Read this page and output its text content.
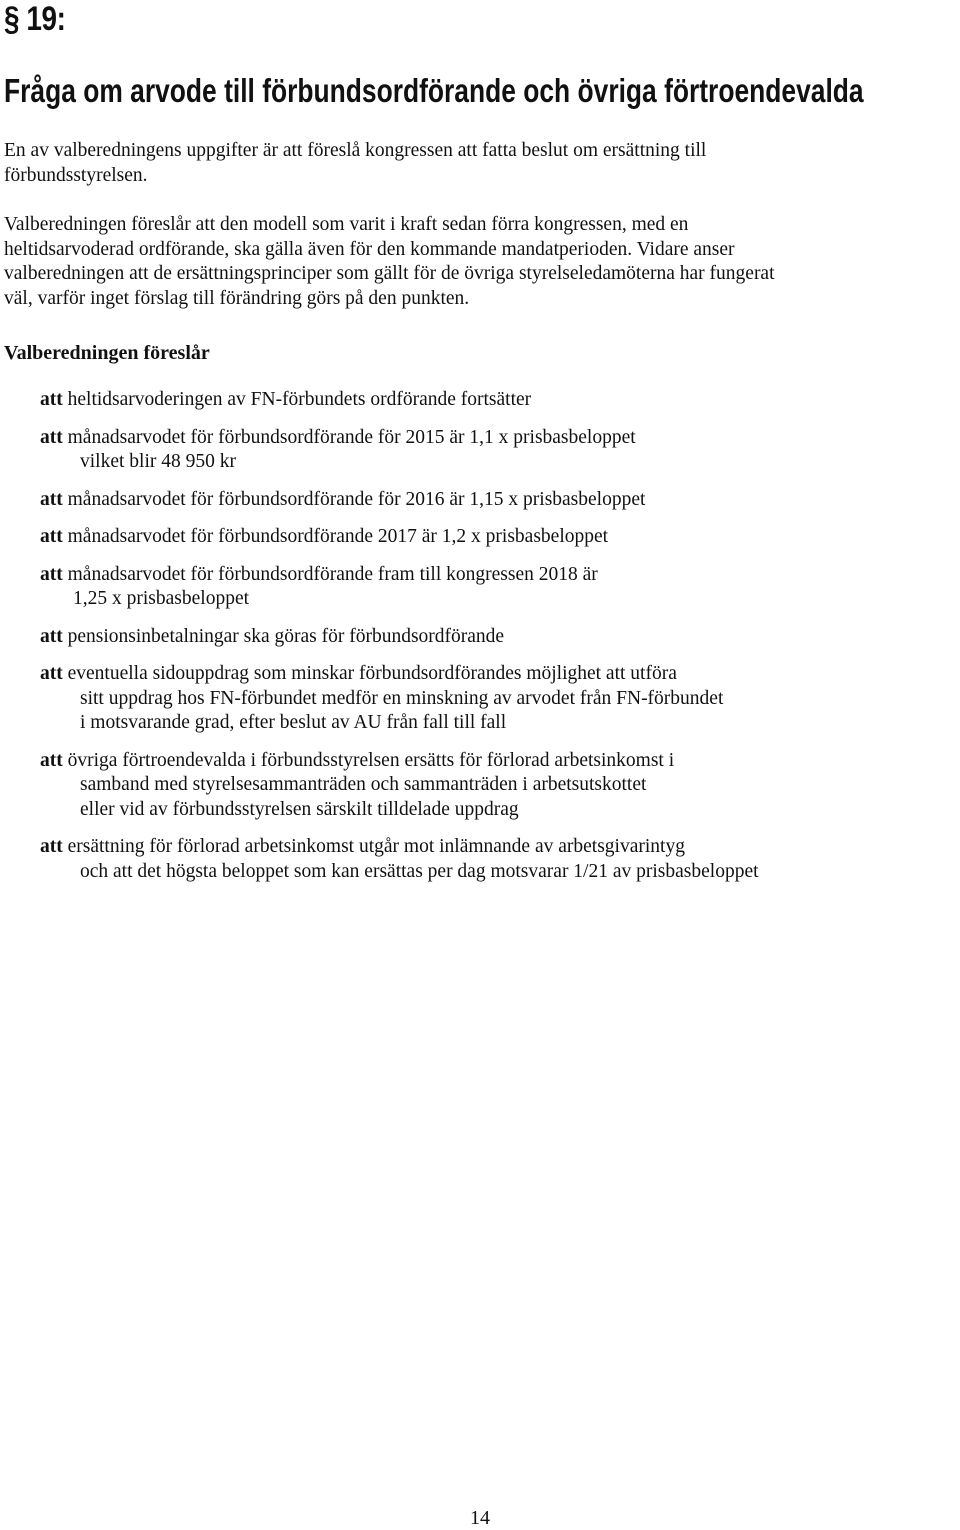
§ 19:
Fråga om arvode till förbundsordförande och övriga förtroendevalda
En av valberedningens uppgifter är att föreslå kongressen att fatta beslut om ersättning till
förbundsstyrelsen.
Valberedningen föreslår att den modell som varit i kraft sedan förra kongressen, med en
heltidsarvoderad ordförande, ska gälla även för den kommande mandatperioden. Vidare anser
valberedningen att de ersättningsprinciper som gällt för de övriga styrelseledamöterna har fungerat
väl, varför inget förslag till förändring görs på den punkten.
Valberedningen föreslår
att heltidsarvoderingen av FN-förbundets ordförande fortsätter
att månadsarvodet för förbundsordförande för 2015 är 1,1 x prisbasbeloppet
vilket blir 48 950 kr
att månadsarvodet för förbundsordförande för 2016 är 1,15 x prisbasbeloppet
att månadsarvodet för förbundsordförande 2017 är 1,2 x prisbasbeloppet
att månadsarvodet för förbundsordförande fram till kongressen 2018 är
1,25 x prisbasbeloppet
att pensionsinbetalningar ska göras för förbundsordförande
att eventuella sidouppdrag som minskar förbundsordförandes möjlighet att utföra
sitt uppdrag hos FN-förbundet medför en minskning av arvodet från FN-förbundet
i motsvarande grad, efter beslut av AU från fall till fall
att övriga förtroendevalda i förbundsstyrelsen ersätts för förlorad arbetsinkomst i
samband med styrelsesammanträden och sammanträden i arbetsutskottet
eller vid av förbundsstyrelsen särskilt tilldelade uppdrag
att ersättning för förlorad arbetsinkomst utgår mot inlämnande av arbetsgivarintyg
och att det högsta beloppet som kan ersättas per dag motsvarar 1/21 av prisbasbeloppet
14
